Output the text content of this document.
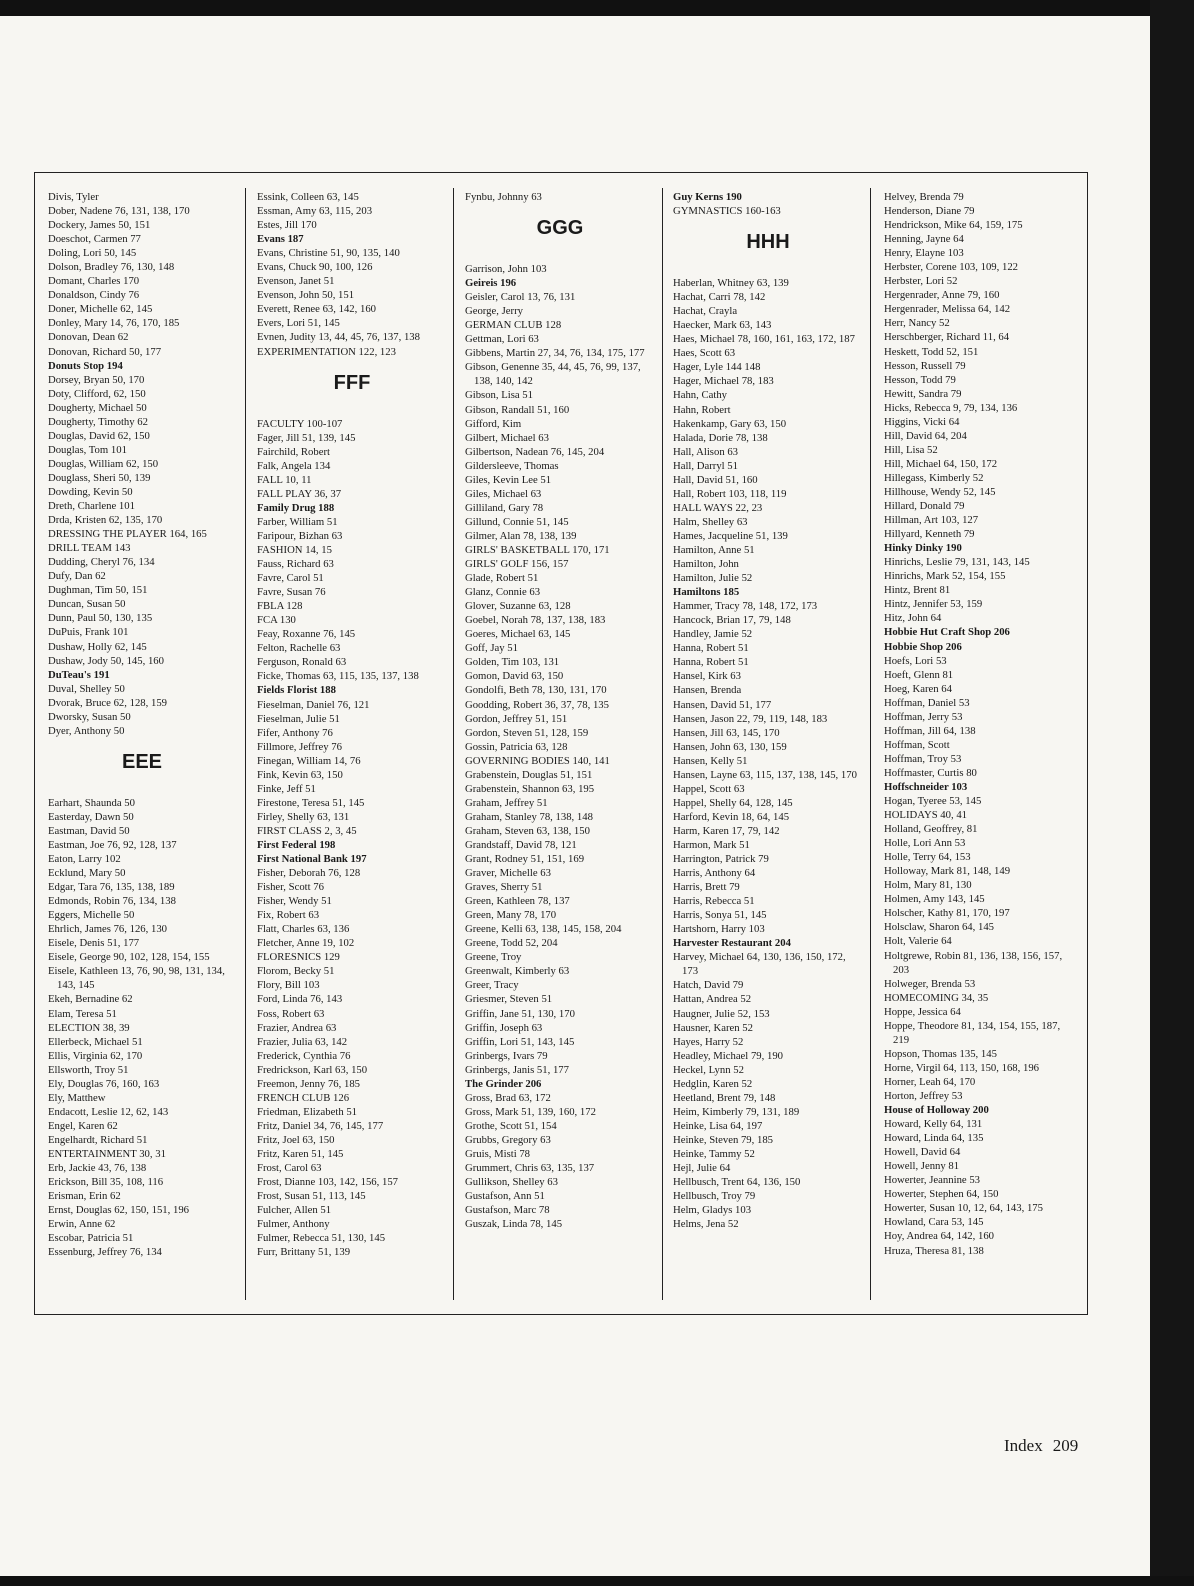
Divis, Tyler
Dober, Nadene 76, 131, 138, 170
Dockery, James 50, 151
Doeschot, Carmen 77
Doling, Lori 50, 145
Dolson, Bradley 76, 130, 148
Domant, Charles 170
Donaldson, Cindy 76
Doner, Michelle 62, 145
Donley, Mary 14, 76, 170, 185
Donovan, Dean 62
Donovan, Richard 50, 177
Donuts Stop 194
Dorsey, Bryan 50, 170
Doty, Clifford, 62, 150
Dougherty, Michael 50
Dougherty, Timothy 62
Douglas, David 62, 150
Douglas, Tom 101
Douglas, William 62, 150
Douglass, Sheri 50, 139
Dowding, Kevin 50
Dreth, Charlene 101
Drda, Kristen 62, 135, 170
DRESSING THE PLAYER 164, 165
DRILL TEAM 143
Dudding, Cheryl 76, 134
Dufy, Dan 62
Dughman, Tim 50, 151
Duncan, Susan 50
Dunn, Paul 50, 130, 135
DuPuis, Frank 101
Dushaw, Holly 62, 145
Dushaw, Jody 50, 145, 160
DuTeau's 191
Duval, Shelley 50
Dvorak, Bruce 62, 128, 159
Dworsky, Susan 50
Dyer, Anthony 50
EEE
Earhart, Shaunda 50
Easterday, Dawn 50
Eastman, David 50
Eastman, Joe 76, 92, 128, 137
Eaton, Larry 102
Ecklund, Mary 50
Edgar, Tara 76, 135, 138, 189
Edmonds, Robin 76, 134, 138
Eggers, Michelle 50
Ehrlich, James 76, 126, 130
Eisele, Denis 51, 177
Eisele, George 90, 102, 128, 154, 155
Eisele, Kathleen 13, 76, 90, 98, 131, 134, 143, 145
Ekeh, Bernadine 62
Elam, Teresa 51
ELECTION 38, 39
Ellerbeck, Michael 51
Ellis, Virginia 62, 170
Ellsworth, Troy 51
Ely, Douglas 76, 160, 163
Ely, Matthew
Endacott, Leslie 12, 62, 143
Engel, Karen 62
Engelhardt, Richard 51
ENTERTAINMENT 30, 31
Erb, Jackie 43, 76, 138
Erickson, Bill 35, 108, 116
Erisman, Erin 62
Ernst, Douglas 62, 150, 151, 196
Erwin, Anne 62
Escobar, Patricia 51
Essenburg, Jeffrey 76, 134
Essink, Colleen 63, 145
Essman, Amy 63, 115, 203
Estes, Jill 170
Evans 187
Evans, Christine 51, 90, 135, 140
Evans, Chuck 90, 100, 126
Evenson, Janet 51
Evenson, John 50, 151
Everett, Renee 63, 142, 160
Evers, Lori 51, 145
Evnen, Judity 13, 44, 45, 76, 137, 138
EXPERIMENTATION 122, 123
FFF
FACULTY 100-107
Fager, Jill 51, 139, 145
Fairchild, Robert
Falk, Angela 134
FALL 10, 11
FALL PLAY 36, 37
Family Drug 188
Farber, William 51
Faripour, Bizhan 63
FASHION 14, 15
Fauss, Richard 63
Favre, Carol 51
Favre, Susan 76
FBLA 128
FCA 130
Feay, Roxanne 76, 145
Felton, Rachelle 63
Ferguson, Ronald 63
Ficke, Thomas 63, 115, 135, 137, 138
Fields Florist 188
Fieselman, Daniel 76, 121
Fieselman, Julie 51
Fifer, Anthony 76
Fillmore, Jeffrey 76
Finegan, William 14, 76
Fink, Kevin 63, 150
Finke, Jeff 51
Firestone, Teresa 51, 145
Firley, Shelly 63, 131
FIRST CLASS 2, 3, 45
First Federal 198
First National Bank 197
Fisher, Deborah 76, 128
Fisher, Scott 76
Fisher, Wendy 51
Fix, Robert 63
Flatt, Charles 63, 136
Fletcher, Anne 19, 102
FLORESNICS 129
Florom, Becky 51
Flory, Bill 103
Ford, Linda 76, 143
Foss, Robert 63
Frazier, Andrea 63
Frazier, Julia 63, 142
Frederick, Cynthia 76
Fredrickson, Karl 63, 150
Freemon, Jenny 76, 185
FRENCH CLUB 126
Friedman, Elizabeth 51
Fritz, Daniel 34, 76, 145, 177
Fritz, Joel 63, 150
Fritz, Karen 51, 145
Frost, Carol 63
Frost, Dianne 103, 142, 156, 157
Frost, Susan 51, 113, 145
Fulcher, Allen 51
Fulmer, Anthony
Fulmer, Rebecca 51, 130, 145
Furr, Brittany 51, 139
Fynbu, Johnny 63
GGG
Garrison, John 103
Geireis 196
Geisler, Carol 13, 76, 131
George, Jerry
GERMAN CLUB 128
Gettman, Lori 63
Gibbens, Martin 27, 34, 76, 134, 175, 177
Gibson, Genenne 35, 44, 45, 76, 99, 137, 138, 140, 142
Gibson, Lisa 51
Gibson, Randall 51, 160
Gifford, Kim
Gilbert, Michael 63
Gilbertson, Nadean 76, 145, 204
Gildersleeve, Thomas
Giles, Kevin Lee 51
Giles, Michael 63
Gilliland, Gary 78
Gillund, Connie 51, 145
Gilmer, Alan 78, 138, 139
GIRLS' BASKETBALL 170, 171
GIRLS' GOLF 156, 157
Glade, Robert 51
Glanz, Connie 63
Glover, Suzanne 63, 128
Goebel, Norah 78, 137, 138, 183
Goeres, Michael 63, 145
Goff, Jay 51
Golden, Tim 103, 131
Gomon, David 63, 150
Gondolfi, Beth 78, 130, 131, 170
Goodding, Robert 36, 37, 78, 135
Gordon, Jeffrey 51, 151
Gordon, Steven 51, 128, 159
Gossin, Patricia 63, 128
GOVERNING BODIES 140, 141
Grabenstein, Douglas 51, 151
Grabenstein, Shannon 63, 195
Graham, Jeffrey 51
Graham, Stanley 78, 138, 148
Graham, Steven 63, 138, 150
Grandstaff, David 78, 121
Grant, Rodney 51, 151, 169
Graver, Michelle 63
Graves, Sherry 51
Green, Kathleen 78, 137
Green, Many 78, 170
Greene, Kelli 63, 138, 145, 158, 204
Greene, Todd 52, 204
Greene, Troy
Greenwalt, Kimberly 63
Greer, Tracy
Griesmer, Steven 51
Griffin, Jane 51, 130, 170
Griffin, Joseph 63
Griffin, Lori 51, 143, 145
Grinbergs, Ivars 79
Grinbergs, Janis 51, 177
The Grinder 206
Gross, Brad 63, 172
Gross, Mark 51, 139, 160, 172
Grothe, Scott 51, 154
Grubbs, Gregory 63
Gruis, Misti 78
Grummert, Chris 63, 135, 137
Gullikson, Shelley 63
Gustafson, Ann 51
Gustafson, Marc 78
Guszak, Linda 78, 145
Guy Kerns 190
GYMNASTICS 160-163
HHH
Haberlan, Whitney 63, 139
Hachat, Carri 78, 142
Hachat, Crayla
Haecker, Mark 63, 143
Haes, Michael 78, 160, 161, 163, 172, 187
Haes, Scott 63
Hager, Lyle 144 148
Hager, Michael 78, 183
Hahn, Cathy
Hahn, Robert
Hakenkamp, Gary 63, 150
Halada, Dorie 78, 138
Hall, Alison 63
Hall, Darryl 51
Hall, David 51, 160
Hall, Robert 103, 118, 119
HALL WAYS 22, 23
Halm, Shelley 63
Hames, Jacqueline 51, 139
Hamilton, Anne 51
Hamilton, John
Hamilton, Julie 52
Hamiltons 185
Hammer, Tracy 78, 148, 172, 173
Hancock, Brian 17, 79, 148
Handley, Jamie 52
Hanna, Robert 51
Hanna, Robert 51
Hansel, Kirk 63
Hansen, Brenda
Hansen, David 51, 177
Hansen, Jason 22, 79, 119, 148, 183
Hansen, Jill 63, 145, 170
Hansen, John 63, 130, 159
Hansen, Kelly 51
Hansen, Layne 63, 115, 137, 138, 145, 170
Happel, Scott 63
Happel, Shelly 64, 128, 145
Harford, Kevin 18, 64, 145
Harm, Karen 17, 79, 142
Harmon, Mark 51
Harrington, Patrick 79
Harris, Anthony 64
Harris, Brett 79
Harris, Rebecca 51
Harris, Sonya 51, 145
Hartshorn, Harry 103
Harvester Restaurant 204
Harvey, Michael 64, 130, 136, 150, 172, 173
Hatch, David 79
Hattan, Andrea 52
Haugner, Julie 52, 153
Hausner, Karen 52
Hayes, Harry 52
Headley, Michael 79, 190
Heckel, Lynn 52
Hedglin, Karen 52
Heetland, Brent 79, 148
Heim, Kimberly 79, 131, 189
Heinke, Lisa 64, 197
Heinke, Steven 79, 185
Heinke, Tammy 52
Hejl, Julie 64
Hellbusch, Trent 64, 136, 150
Hellbusch, Troy 79
Helm, Gladys 103
Helms, Jena 52
Helvey, Brenda 79
Henderson, Diane 79
Hendrickson, Mike 64, 159, 175
Henning, Jayne 64
Henry, Elayne 103
Herbster, Corene 103, 109, 122
Herbster, Lori 52
Hergenrader, Anne 79, 160
Hergenrader, Melissa 64, 142
Herr, Nancy 52
Herschberger, Richard 11, 64
Heskett, Todd 52, 151
Hesson, Russell 79
Hesson, Todd 79
Hewitt, Sandra 79
Hicks, Rebecca 9, 79, 134, 136
Higgins, Vicki 64
Hill, David 64, 204
Hill, Lisa 52
Hill, Michael 64, 150, 172
Hillegass, Kimberly 52
Hillhouse, Wendy 52, 145
Hillard, Donald 79
Hillman, Art 103, 127
Hillyard, Kenneth 79
Hinky Dinky 190
Hinrichs, Leslie 79, 131, 143, 145
Hinrichs, Mark 52, 154, 155
Hintz, Brent 81
Hintz, Jennifer 53, 159
Hitz, John 64
Hobbie Hut Craft Shop 206
Hobbie Shop 206
Hoefs, Lori 53
Hoeft, Glenn 81
Hoeg, Karen 64
Hoffman, Daniel 53
Hoffman, Jerry 53
Hoffman, Jill 64, 138
Hoffman, Scott
Hoffman, Troy 53
Hoffmaster, Curtis 80
Hoffschneider 103
Hogan, Tyeree 53, 145
HOLIDAYS 40, 41
Holland, Geoffrey, 81
Holle, Lori Ann 53
Holle, Terry 64, 153
Holloway, Mark 81, 148, 149
Holm, Mary 81, 130
Holmen, Amy 143, 145
Holscher, Kathy 81, 170, 197
Holsclaw, Sharon 64, 145
Holt, Valerie 64
Holtgrewe, Robin 81, 136, 138, 156, 157, 203
Holweger, Brenda 53
HOMECOMING 34, 35
Hoppe, Jessica 64
Hoppe, Theodore 81, 134, 154, 155, 187, 219
Hopson, Thomas 135, 145
Horne, Virgil 64, 113, 150, 168, 196
Horner, Leah 64, 170
Horton, Jeffrey 53
House of Holloway 200
Howard, Kelly 64, 131
Howard, Linda 64, 135
Howell, David 64
Howell, Jenny 81
Howerter, Jeannine 53
Howerter, Stephen 64, 150
Howerter, Susan 10, 12, 64, 143, 175
Howland, Cara 53, 145
Hoy, Andrea 64, 142, 160
Hruza, Theresa 81, 138
Index 209
